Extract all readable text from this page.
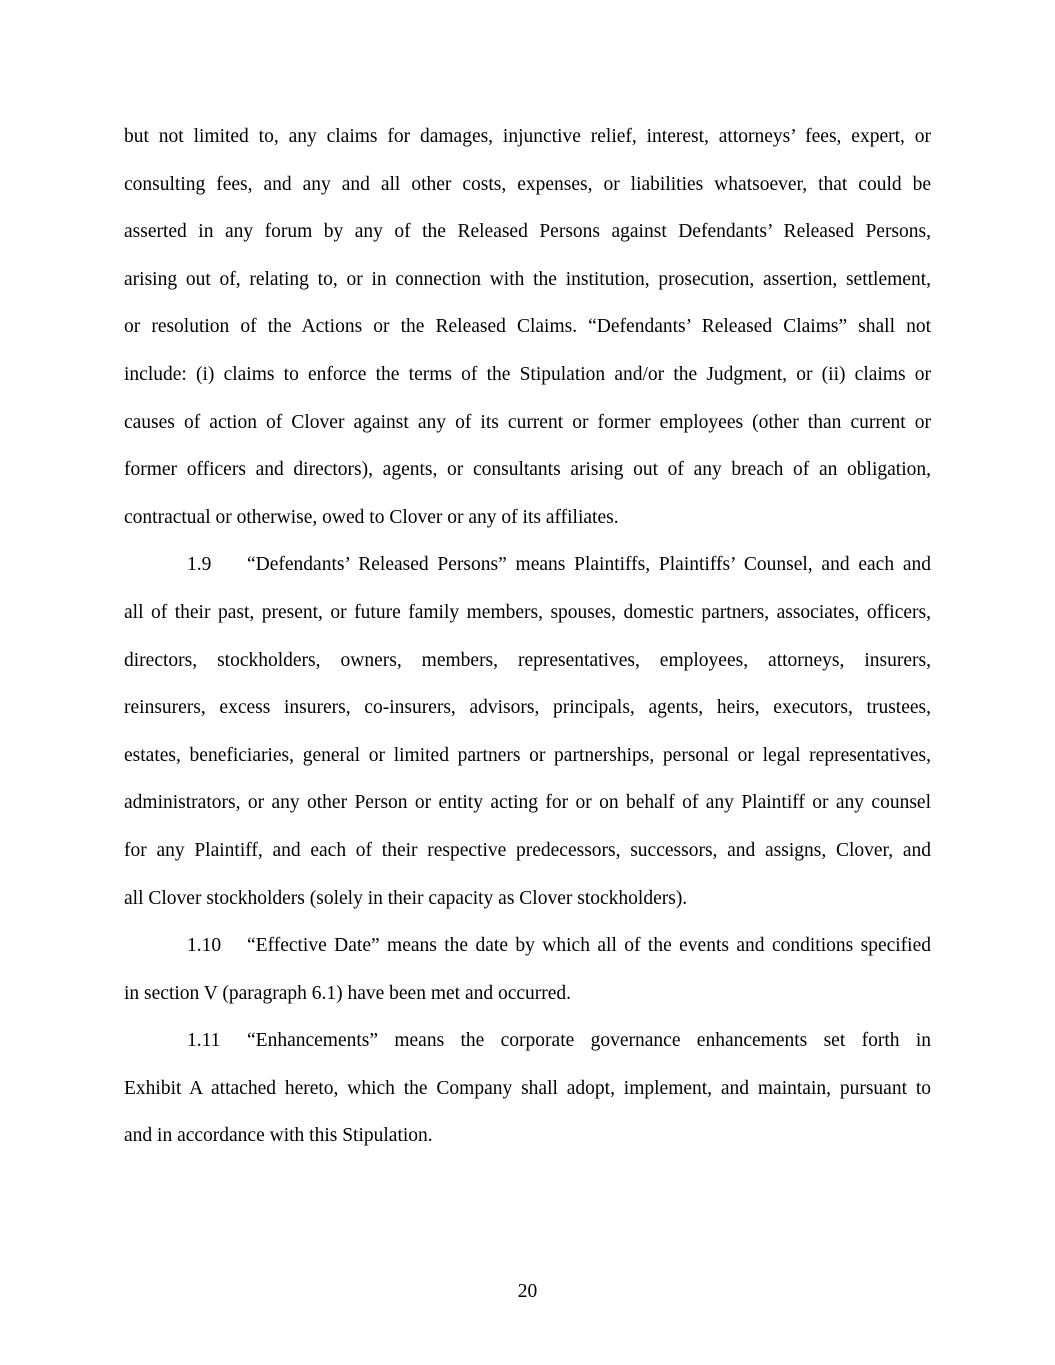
but not limited to, any claims for damages, injunctive relief, interest, attorneys’ fees, expert, or
consulting fees, and any and all other costs, expenses, or liabilities whatsoever, that could be
asserted in any forum by any of the Released Persons against Defendants’ Released Persons,
arising out of, relating to, or in connection with the institution, prosecution, assertion, settlement,
or resolution of the Actions or the Released Claims. “Defendants’ Released Claims” shall not
include: (i) claims to enforce the terms of the Stipulation and/or the Judgment, or (ii) claims or
causes of action of Clover against any of its current or former employees (other than current or
former officers and directors), agents, or consultants arising out of any breach of an obligation,
contractual or otherwise, owed to Clover or any of its affiliates.
1.9 “Defendants’ Released Persons” means Plaintiffs, Plaintiffs’ Counsel, and each and
all of their past, present, or future family members, spouses, domestic partners, associates, officers,
directors, stockholders, owners, members, representatives, employees, attorneys, insurers,
reinsurers, excess insurers, co-insurers, advisors, principals, agents, heirs, executors, trustees,
estates, beneficiaries, general or limited partners or partnerships, personal or legal representatives,
administrators, or any other Person or entity acting for or on behalf of any Plaintiff or any counsel
for any Plaintiff, and each of their respective predecessors, successors, and assigns, Clover, and
all Clover stockholders (solely in their capacity as Clover stockholders).
1.10 “Effective Date” means the date by which all of the events and conditions specified
in section V (paragraph 6.1) have been met and occurred.
1.11 “Enhancements” means the corporate governance enhancements set forth in
Exhibit A attached hereto, which the Company shall adopt, implement, and maintain, pursuant to
and in accordance with this Stipulation.
20
